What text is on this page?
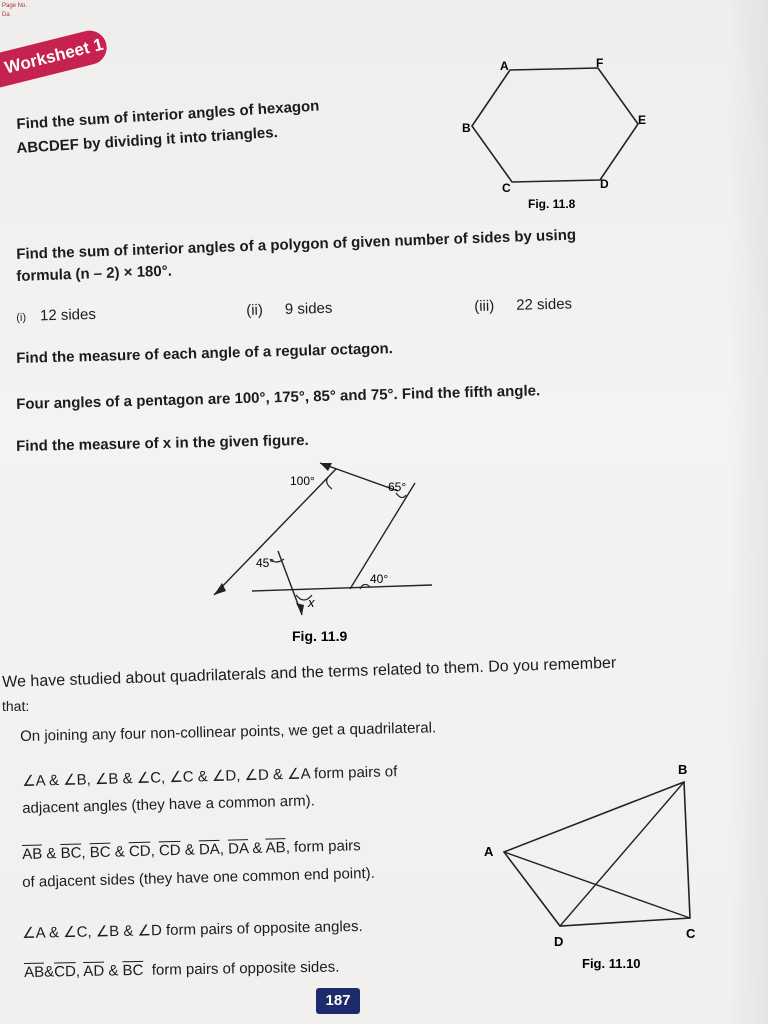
Page No.
Da
Worksheet 1
Find the sum of interior angles of hexagon
ABCDEF by dividing it into triangles.
A	F
B
E
C	D
Fig. 11.8
Find the sum of interior angles of a polygon of given number of sides by using
formula (n – 2) × 180°.
(i) 12 sides	(ii) 9 sides	(iii) 22 sides
Find the measure of each angle of a regular octagon.
Four angles of a pentagon are 100°, 175°, 85° and 75°. Find the fifth angle.
Find the measure of x in the given figure.
100°	65°
45°
40°
x
Fig. 11.9
We have studied about quadrilaterals and the terms related to them. Do you remember
that:
On joining any four non-collinear points, we get a quadrilateral.
∠A & ∠B, ∠B & ∠C, ∠C & ∠D, ∠D & ∠A form pairs of
adjacent angles (they have a common arm).
$\overline{AB}$ & $\overline{BC}$, $\overline{BC}$ & $\overline{CD}$, $\overline{CD}$ & $\overline{DA}$, $\overline{DA}$ & $\overline{AB}$, form pairs
of adjacent sides (they have one common end point).
∠A & ∠C, ∠B & ∠D form pairs of opposite angles.
$\overline{AB}\&\overline{CD}$, $\overline{AD}$ & $\overline{BC}$ form pairs of opposite sides.
A
B
C
D
Fig. 11.10
187
